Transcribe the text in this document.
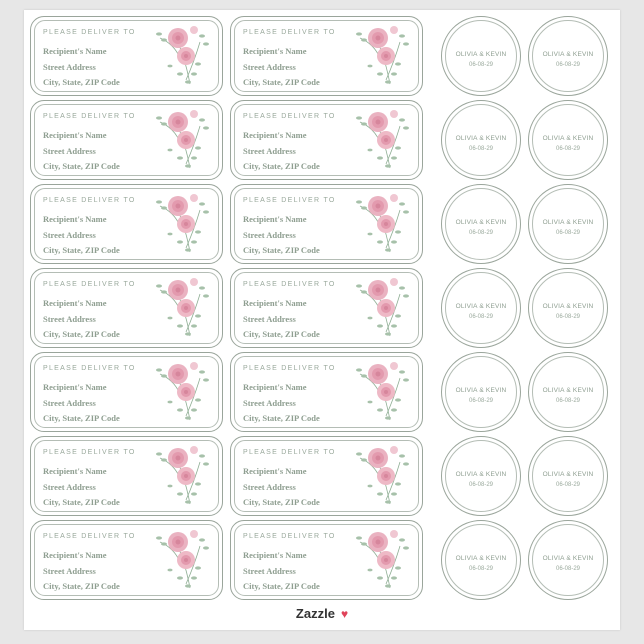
PLEASE DELIVER TO
Recipient's Name
Street Address
City, State, ZIP Code
PLEASE DELIVER TO
Recipient's Name
Street Address
City, State, ZIP Code
OLIVIA & KEVIN
06-08-29
OLIVIA & KEVIN
06-08-29
PLEASE DELIVER TO
Recipient's Name
Street Address
City, State, ZIP Code
PLEASE DELIVER TO
Recipient's Name
Street Address
City, State, ZIP Code
OLIVIA & KEVIN
06-08-29
OLIVIA & KEVIN
06-08-29
PLEASE DELIVER TO
Recipient's Name
Street Address
City, State, ZIP Code
PLEASE DELIVER TO
Recipient's Name
Street Address
City, State, ZIP Code
OLIVIA & KEVIN
06-08-29
OLIVIA & KEVIN
06-08-29
PLEASE DELIVER TO
Recipient's Name
Street Address
City, State, ZIP Code
PLEASE DELIVER TO
Recipient's Name
Street Address
City, State, ZIP Code
OLIVIA & KEVIN
06-08-29
OLIVIA & KEVIN
06-08-29
PLEASE DELIVER TO
Recipient's Name
Street Address
City, State, ZIP Code
PLEASE DELIVER TO
Recipient's Name
Street Address
City, State, ZIP Code
OLIVIA & KEVIN
06-08-29
OLIVIA & KEVIN
06-08-29
PLEASE DELIVER TO
Recipient's Name
Street Address
City, State, ZIP Code
PLEASE DELIVER TO
Recipient's Name
Street Address
City, State, ZIP Code
OLIVIA & KEVIN
06-08-29
OLIVIA & KEVIN
06-08-29
PLEASE DELIVER TO
Recipient's Name
Street Address
City, State, ZIP Code
PLEASE DELIVER TO
Recipient's Name
Street Address
City, State, ZIP Code
OLIVIA & KEVIN
06-08-29
OLIVIA & KEVIN
06-08-29
Zazzle ♥
